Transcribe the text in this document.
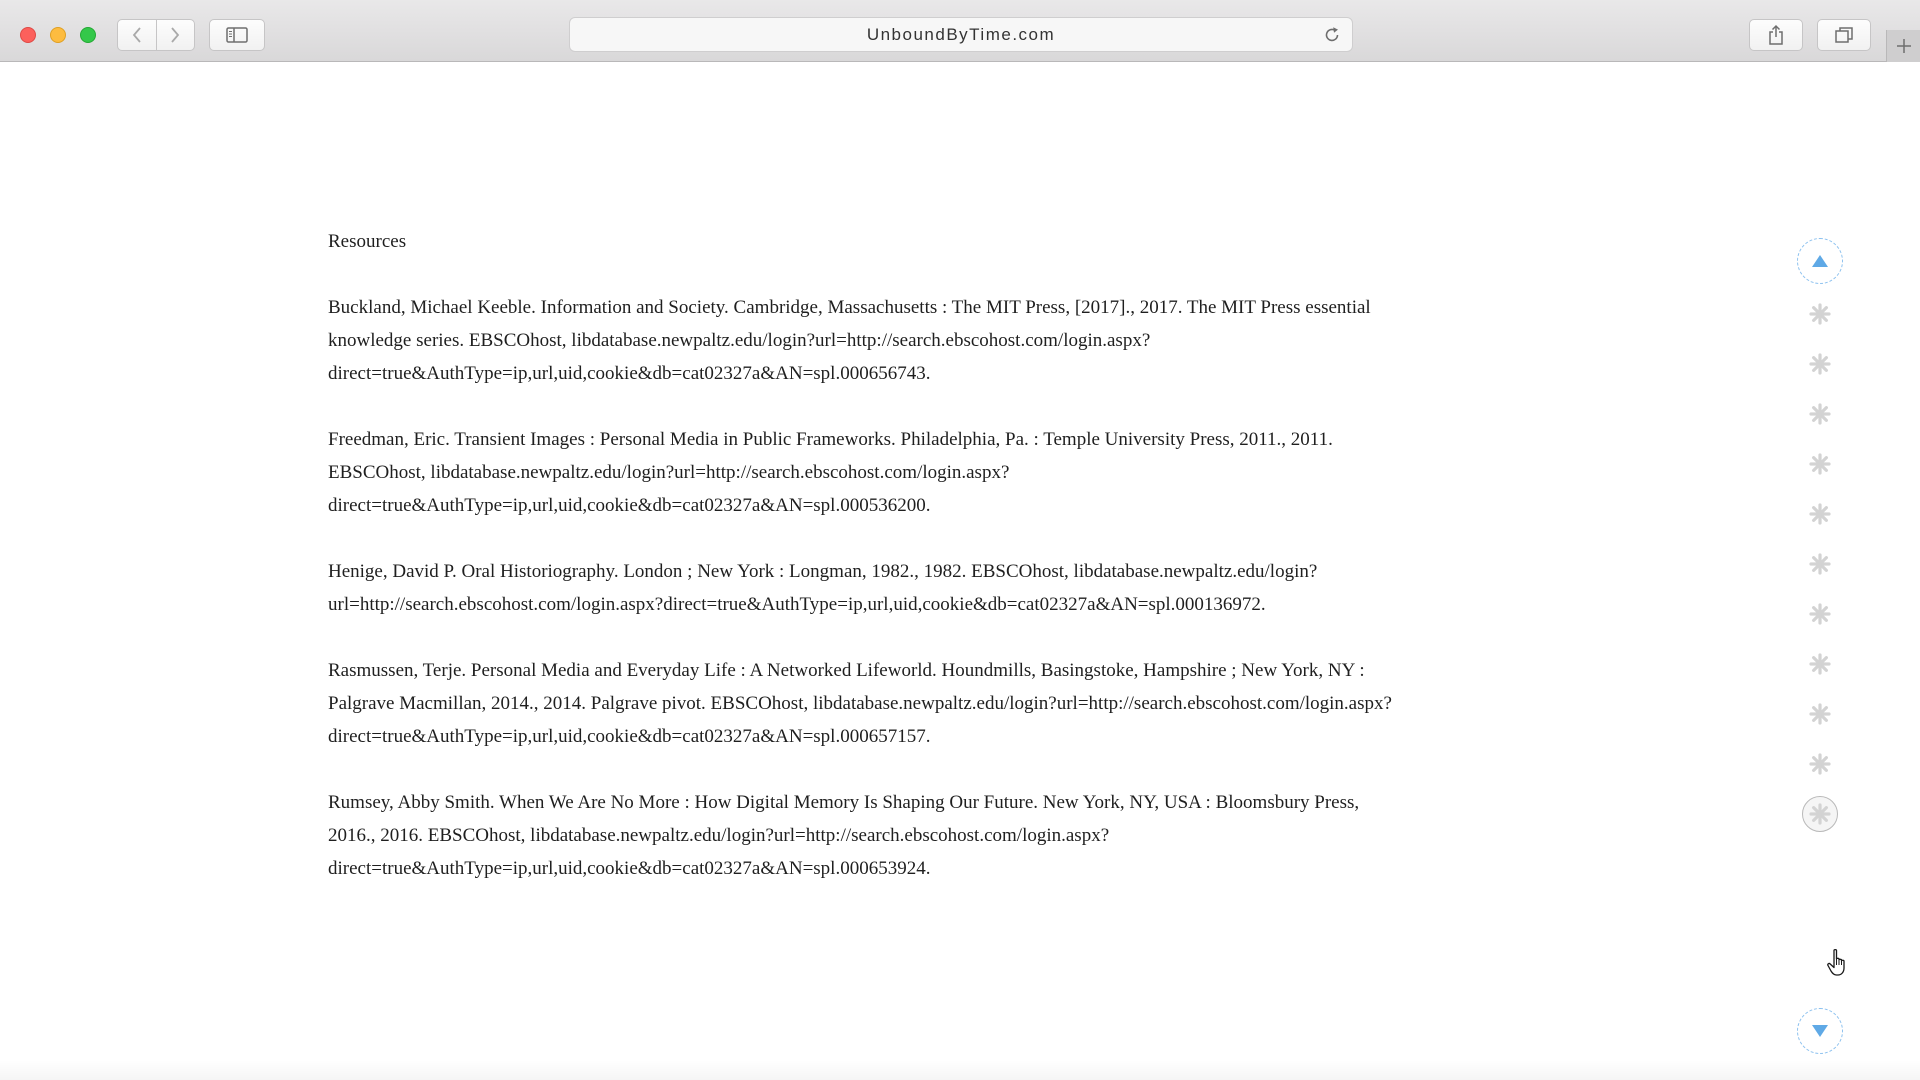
UnboundByTime.com

Resources

Buckland, Michael Keeble. Information and Society. Cambridge, Massachusetts : The MIT Press, [2017]., 2017. The MIT Press essential knowledge series. EBSCOhost, libdatabase.newpaltz.edu/login?url=http://search.ebscohost.com/login.aspx?direct=true&AuthType=ip,url,uid,cookie&db=cat02327a&AN=spl.000656743.

Freedman, Eric. Transient Images : Personal Media in Public Frameworks. Philadelphia, Pa. : Temple University Press, 2011., 2011. EBSCOhost, libdatabase.newpaltz.edu/login?url=http://search.ebscohost.com/login.aspx?direct=true&AuthType=ip,url,uid,cookie&db=cat02327a&AN=spl.000536200.

Henige, David P. Oral Historiography. London ; New York : Longman, 1982., 1982. EBSCOhost, libdatabase.newpaltz.edu/login?url=http://search.ebscohost.com/login.aspx?direct=true&AuthType=ip,url,uid,cookie&db=cat02327a&AN=spl.000136972.

Rasmussen, Terje. Personal Media and Everyday Life : A Networked Lifeworld. Houndmills, Basingstoke, Hampshire ; New York, NY : Palgrave Macmillan, 2014., 2014. Palgrave pivot. EBSCOhost, libdatabase.newpaltz.edu/login?url=http://search.ebscohost.com/login.aspx?direct=true&AuthType=ip,url,uid,cookie&db=cat02327a&AN=spl.000657157.

Rumsey, Abby Smith. When We Are No More : How Digital Memory Is Shaping Our Future. New York, NY, USA : Bloomsbury Press, 2016., 2016. EBSCOhost, libdatabase.newpaltz.edu/login?url=http://search.ebscohost.com/login.aspx?direct=true&AuthType=ip,url,uid,cookie&db=cat02327a&AN=spl.000653924.
